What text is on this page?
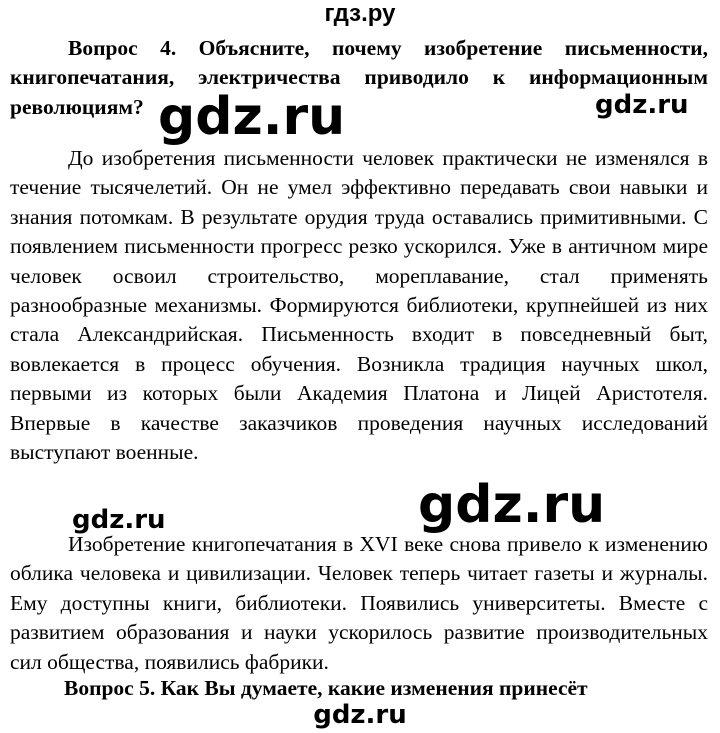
гдз.ру
Вопрос 4. Объясните, почему изобретение письменности, книгопечатания, электричества приводило к информационным революциям?
До изобретения письменности человек практически не изменялся в течение тысячелетий. Он не умел эффективно передавать свои навыки и знания потомкам. В результате орудия труда оставались примитивными. С появлением письменности прогресс резко ускорился. Уже в античном мире человек освоил строительство, мореплавание, стал применять разнообразные механизмы. Формируются библиотеки, крупнейшей из них стала Александрийская. Письменность входит в повседневный быт, вовлекается в процесс обучения. Возникла традиция научных школ, первыми из которых были Академия Платона и Лицей Аристотеля. Впервые в качестве заказчиков проведения научных исследований выступают военные.
Изобретение книгопечатания в XVI веке снова привело к изменению облика человека и цивилизации. Человек теперь читает газеты и журналы. Ему доступны книги, библиотеки. Появились университеты. Вместе с развитием образования и науки ускорилось развитие производительных сил общества, появились фабрики.
Вопрос 5. Как Вы думаете, какие изменения принесёт
gdz.ru	gdz.ru
gdz.ru
gdz.ru
gdz.ru
